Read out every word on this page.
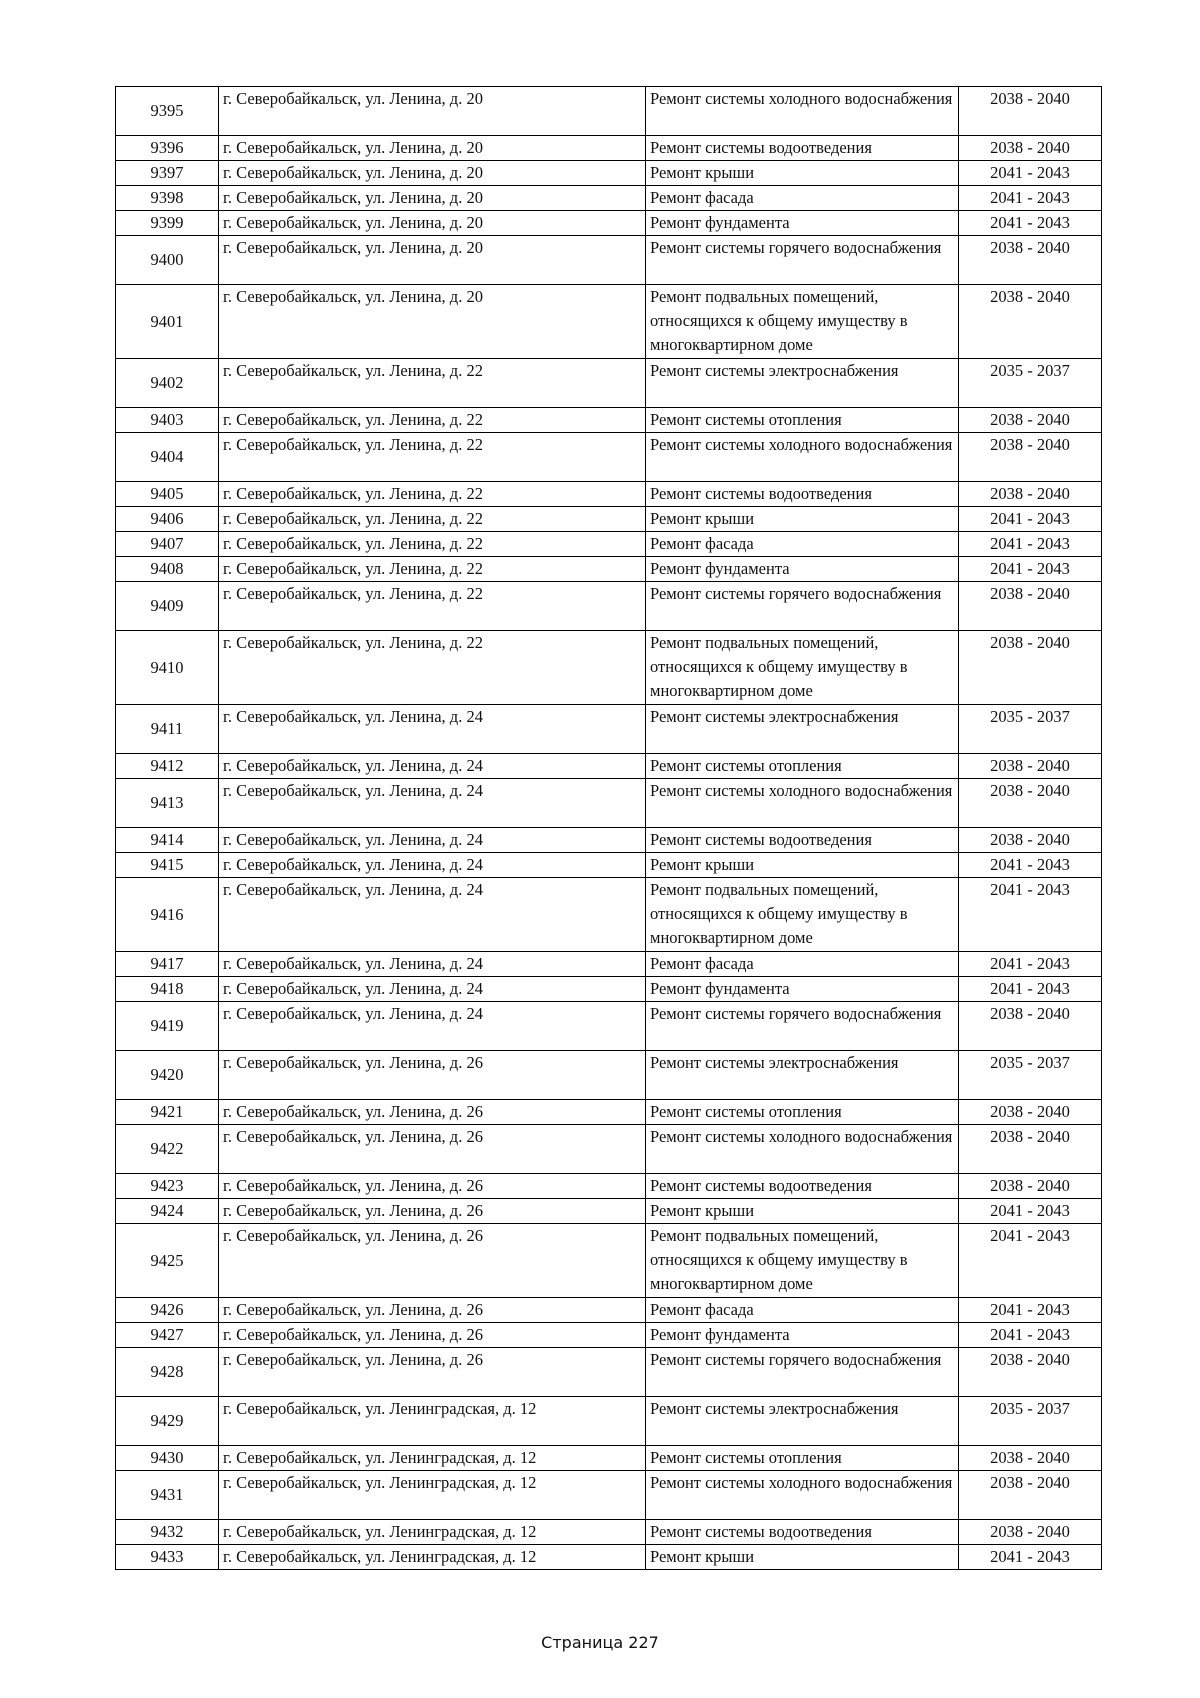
9395	г. Северобайкальск, ул. Ленина, д. 20	Ремонт системы холодного водоснабжения	2038 - 2040
9396	г. Северобайкальск, ул. Ленина, д. 20	Ремонт системы водоотведения	2038 - 2040
9397	г. Северобайкальск, ул. Ленина, д. 20	Ремонт крыши	2041 - 2043
9398	г. Северобайкальск, ул. Ленина, д. 20	Ремонт фасада	2041 - 2043
9399	г. Северобайкальск, ул. Ленина, д. 20	Ремонт фундамента	2041 - 2043
9400	г. Северобайкальск, ул. Ленина, д. 20	Ремонт системы горячего водоснабжения	2038 - 2040
9401	г. Северобайкальск, ул. Ленина, д. 20	Ремонт подвальных помещений, относящихся к общему имуществу в многоквартирном доме	2038 - 2040
9402	г. Северобайкальск, ул. Ленина, д. 22	Ремонт системы электроснабжения	2035 - 2037
9403	г. Северобайкальск, ул. Ленина, д. 22	Ремонт системы отопления	2038 - 2040
9404	г. Северобайкальск, ул. Ленина, д. 22	Ремонт системы холодного водоснабжения	2038 - 2040
9405	г. Северобайкальск, ул. Ленина, д. 22	Ремонт системы водоотведения	2038 - 2040
9406	г. Северобайкальск, ул. Ленина, д. 22	Ремонт крыши	2041 - 2043
9407	г. Северобайкальск, ул. Ленина, д. 22	Ремонт фасада	2041 - 2043
9408	г. Северобайкальск, ул. Ленина, д. 22	Ремонт фундамента	2041 - 2043
9409	г. Северобайкальск, ул. Ленина, д. 22	Ремонт системы горячего водоснабжения	2038 - 2040
9410	г. Северобайкальск, ул. Ленина, д. 22	Ремонт подвальных помещений, относящихся к общему имуществу в многоквартирном доме	2038 - 2040
9411	г. Северобайкальск, ул. Ленина, д. 24	Ремонт системы электроснабжения	2035 - 2037
9412	г. Северобайкальск, ул. Ленина, д. 24	Ремонт системы отопления	2038 - 2040
9413	г. Северобайкальск, ул. Ленина, д. 24	Ремонт системы холодного водоснабжения	2038 - 2040
9414	г. Северобайкальск, ул. Ленина, д. 24	Ремонт системы водоотведения	2038 - 2040
9415	г. Северобайкальск, ул. Ленина, д. 24	Ремонт крыши	2041 - 2043
9416	г. Северобайкальск, ул. Ленина, д. 24	Ремонт подвальных помещений, относящихся к общему имуществу в многоквартирном доме	2041 - 2043
9417	г. Северобайкальск, ул. Ленина, д. 24	Ремонт фасада	2041 - 2043
9418	г. Северобайкальск, ул. Ленина, д. 24	Ремонт фундамента	2041 - 2043
9419	г. Северобайкальск, ул. Ленина, д. 24	Ремонт системы горячего водоснабжения	2038 - 2040
9420	г. Северобайкальск, ул. Ленина, д. 26	Ремонт системы электроснабжения	2035 - 2037
9421	г. Северобайкальск, ул. Ленина, д. 26	Ремонт системы отопления	2038 - 2040
9422	г. Северобайкальск, ул. Ленина, д. 26	Ремонт системы холодного водоснабжения	2038 - 2040
9423	г. Северобайкальск, ул. Ленина, д. 26	Ремонт системы водоотведения	2038 - 2040
9424	г. Северобайкальск, ул. Ленина, д. 26	Ремонт крыши	2041 - 2043
9425	г. Северобайкальск, ул. Ленина, д. 26	Ремонт подвальных помещений, относящихся к общему имуществу в многоквартирном доме	2041 - 2043
9426	г. Северобайкальск, ул. Ленина, д. 26	Ремонт фасада	2041 - 2043
9427	г. Северобайкальск, ул. Ленина, д. 26	Ремонт фундамента	2041 - 2043
9428	г. Северобайкальск, ул. Ленина, д. 26	Ремонт системы горячего водоснабжения	2038 - 2040
9429	г. Северобайкальск, ул. Ленинградская, д. 12	Ремонт системы электроснабжения	2035 - 2037
9430	г. Северобайкальск, ул. Ленинградская, д. 12	Ремонт системы отопления	2038 - 2040
9431	г. Северобайкальск, ул. Ленинградская, д. 12	Ремонт системы холодного водоснабжения	2038 - 2040
9432	г. Северобайкальск, ул. Ленинградская, д. 12	Ремонт системы водоотведения	2038 - 2040
9433	г. Северобайкальск, ул. Ленинградская, д. 12	Ремонт крыши	2041 - 2043
Страница 227
